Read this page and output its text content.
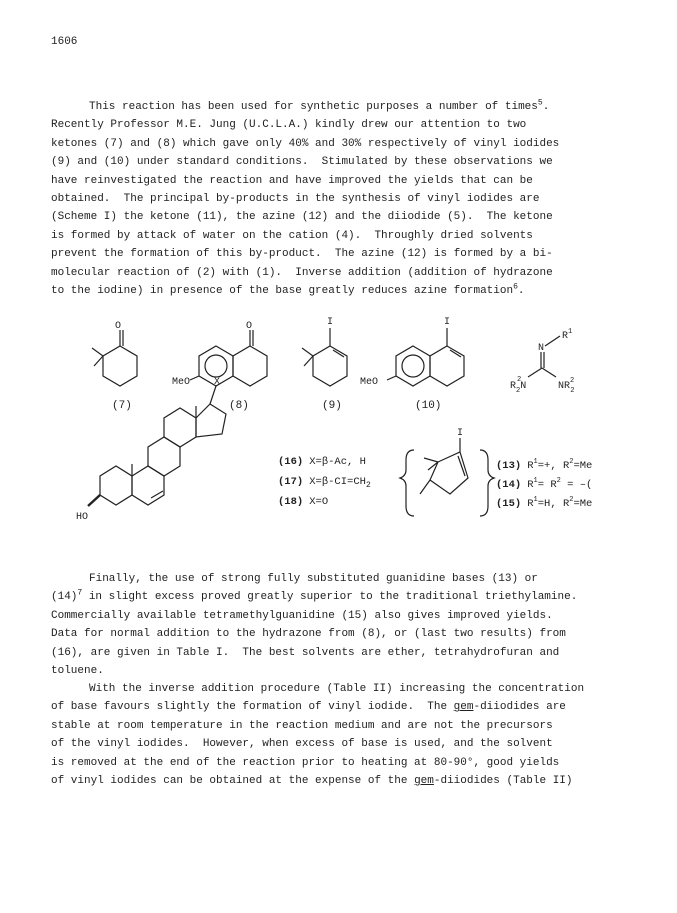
1606
This reaction has been used for synthetic purposes a number of times$^5$.
Recently Professor M.E. Jung (U.C.L.A.) kindly drew our attention to two
ketones (7) and (8) which gave only 40% and 30% respectively of vinyl iodides
(9) and (10) under standard conditions.  Stimulated by these observations we
have reinvestigated the reaction and have improved the yields that can be
obtained.  The principal by-products in the synthesis of vinyl iodides are
(Scheme I) the ketone (11), the azine (12) and the diiodide (5).  The ketone
is formed by attack of water on the cation (4).  Throughly dried solvents
prevent the formation of this by-product.  The azine (12) is formed by a bi-
molecular reaction of (2) with (1).  Inverse addition (addition of hydrazone
to the iodine) in presence of the base greatly reduces azine formation$^6$.
O	O
MeO
I	I
MeO
N
$R^1$
$^2$ $R_2N$	$NR^2$ 2
(7)	(8)	(9)	(10)
X
HO
(16) X=β-Ac, H
(17) $X=\beta-CI=CH_2$
(18) X=O
I
(13) $R^1=+$, $R^2=Me$
(14) $R^1= R^2$ = –(
(15) $R^1=H$, $R^2=Me$
Finally, the use of strong fully substituted guanidine bases (13) or
$(14)^7$ in slight excess proved greatly superior to the traditional triethylamine.
Commercially available tetramethylguanidine (15) also gives improved yields.
Data for normal addition to the hydrazone from (8), or (last two results) from
(16), are given in Table I.  The best solvents are ether, tetrahydrofuran and
toluene.
With the inverse addition procedure (Table II) increasing the concentration
of base favours slightly the formation of vinyl iodide.  The gem-diiodides are
stable at room temperature in the reaction medium and are not the precursors
of the vinyl iodides.  However, when excess of base is used, and the solvent
is removed at the end of the reaction prior to heating at 80-90°, good yields
of vinyl iodides can be obtained at the expense of the gem-diiodides (Table II)
